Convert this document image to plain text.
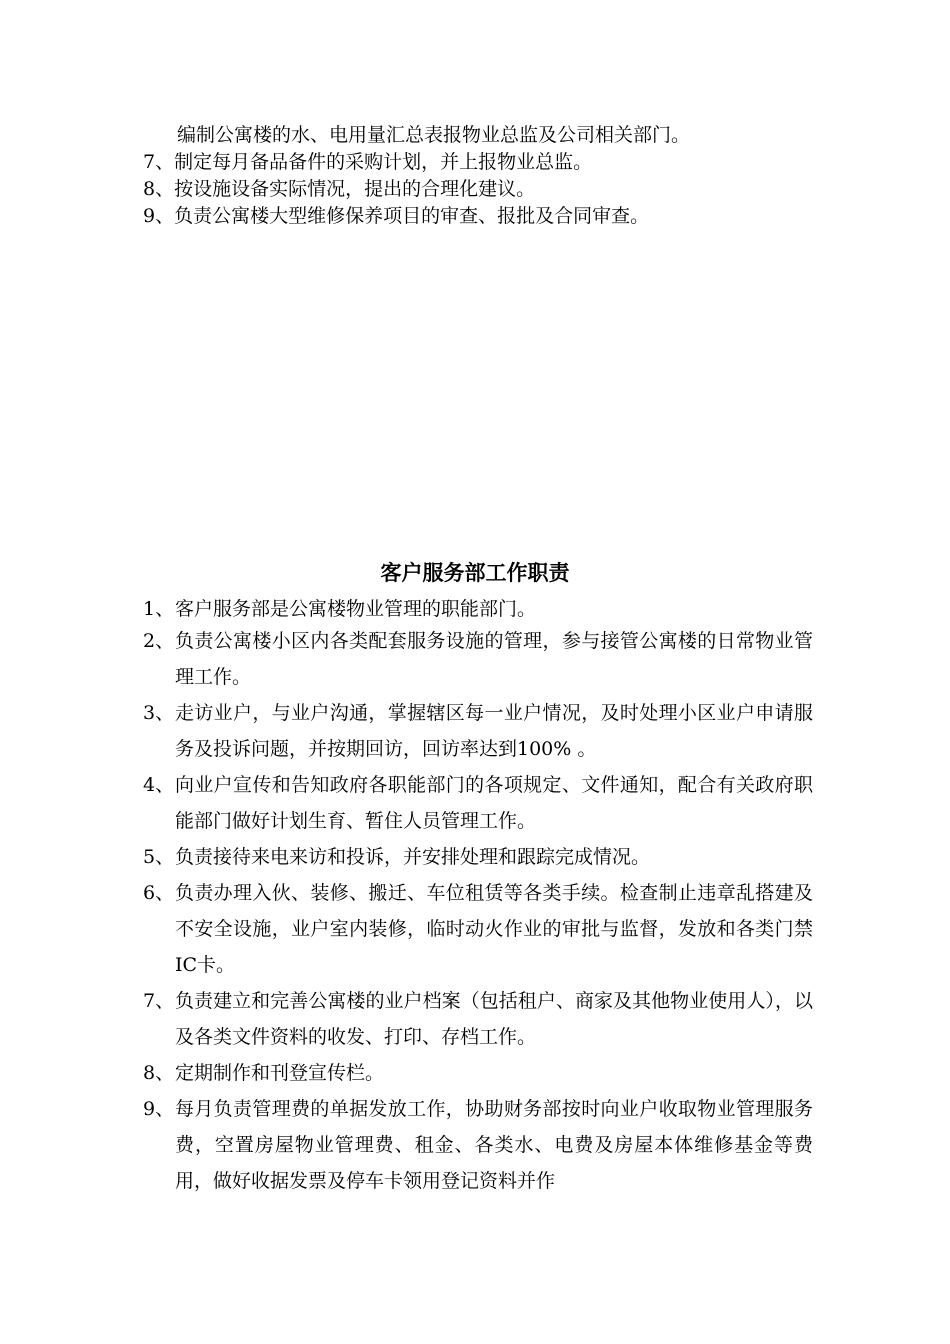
编制公寓楼的水、电用量汇总表报物业总监及公司相关部门。
7、制定每月备品备件的采购计划，并上报物业总监。
8、按设施设备实际情况，提出的合理化建议。
9、负责公寓楼大型维修保养项目的审查、报批及合同审查。
客户服务部工作职责
1、 客户服务部是公寓楼物业管理的职能部门。
2、 负责公寓楼小区内各类配套服务设施的管理，参与接管公寓楼的日常物业管理工作。
3、 走访业户，与业户沟通，掌握辖区每一业户情况，及时处理小区业户申请服务及投诉问题，并按期回访，回访率达到100% 。
4、 向业户宣传和告知政府各职能部门的各项规定、文件通知，配合有关政府职能部门做好计划生育、暂住人员管理工作。
5、 负责接待来电来访和投诉，并安排处理和跟踪完成情况。
6、 负责办理入伙、装修、搬迁、车位租赁等各类手续。检查制止违章乱搭建及不安全设施，业户室内装修，临时动火作业的审批与监督，发放和各类门禁IC卡。
7、 负责建立和完善公寓楼的业户档案（包括租户、商家及其他物业使用人），以及各类文件资料的收发、打印、存档工作。
8、 定期制作和刊登宣传栏。
9、 每月负责管理费的单据发放工作，协助财务部按时向业户收取物业管理服务费，空置房屋物业管理费、租金、各类水、电费及房屋本体维修基金等费用，做好收据发票及停车卡领用登记资料并作
